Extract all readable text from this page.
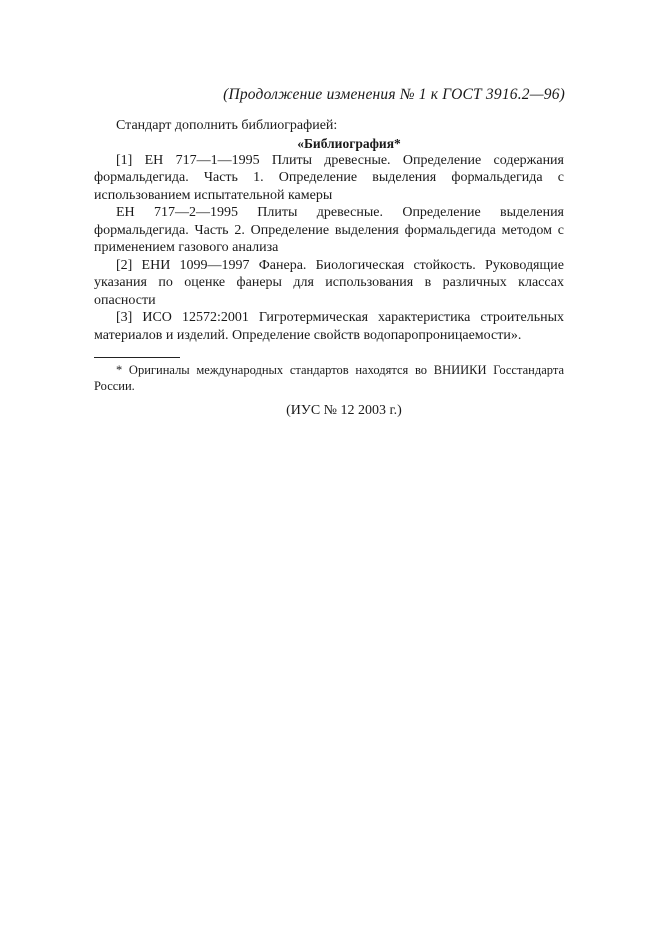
(Продолжение изменения № 1 к ГОСТ 3916.2—96)

Стандарт дополнить библиографией:

«Библиография*

[1] ЕН 717—1—1995 Плиты древесные. Определение содержания формальдегида. Часть 1. Определение выделения формальдегида с использованием испытательной камеры

ЕН 717—2—1995 Плиты древесные. Определение выделения формальдегида. Часть 2. Определение выделения формальдегида методом с применением газового анализа

[2] ЕНИ 1099—1997 Фанера. Биологическая стойкость. Руководящие указания по оценке фанеры для использования в различных классах опасности

[3] ИСО 12572:2001 Гигротермическая характеристика строительных материалов и изделий. Определение свойств водопаропроницаемости».

* Оригиналы международных стандартов находятся во ВНИИКИ Госстандарта России.

(ИУС № 12 2003 г.)
